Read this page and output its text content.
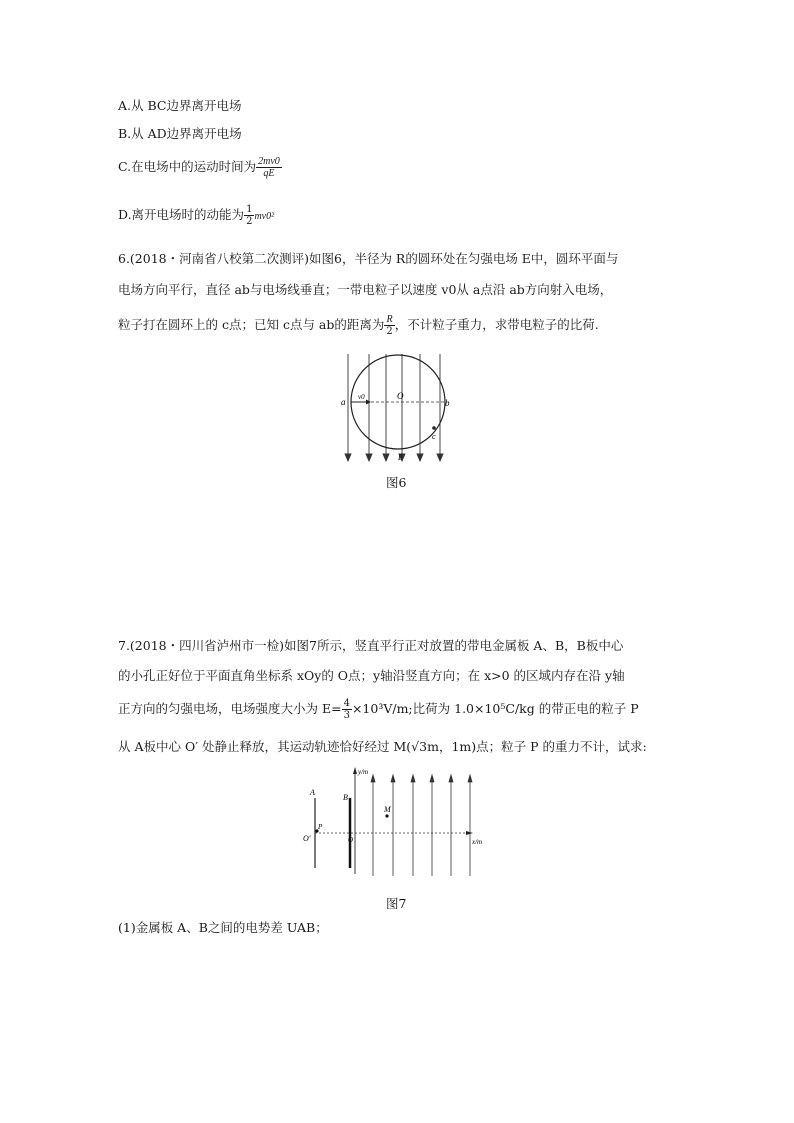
A.从 BC边界离开电场
B.从 AD边界离开电场
C.在电场中的运动时间为 $\frac{2mv0}{qE}$
D.离开电场时的动能为 $\frac{1}{2} mv0^2$
6.(2018・河南省八校第二次测评)如图6，半径为 R的圆环处在匀强电场 E中，圆环平面与
电场方向平行，直径 ab与电场线垂直；一带电粒子以速度 v0从 a点沿 ab方向射入电场，
粒子打在圆环上的 c点；已知 c点与 ab的距离为 $\frac{R}{2}$ ，不计粒子重力，求带电粒子的比荷.
a	b
O
v0
c
E
图6
7.(2018・四川省泸州市一检)如图7所示，竖直平行正对放置的带电金属板 A、B，B板中心
的小孔正好位于平面直角坐标系 xOy的 O点；y轴沿竖直方向；在 x>0 的区域内存在沿 y轴
正方向的匀强电场，电场强度大小为 $E= \frac{4}{3} \times 10^3V/m$;比荷为 1.0×10⁵C/kg 的带正电的粒子 P
从 A板中心 O′ 处静止释放，其运动轨迹恰好经过 M(√3m，1m)点；粒子 P 的重力不计，试求:
y/m
x/m
A
B
M
P
O′	O
图7
(1)金属板 A、B之间的电势差 UAB；
